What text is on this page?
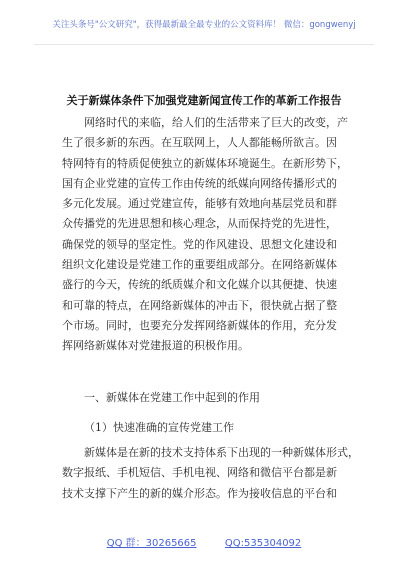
关注头条号"公文研究"，获得最新最全最专业的公文资料库！ 微信：gongwenyj
关于新媒体条件下加强党建新闻宣传工作的革新工作报告
网络时代的来临，给人们的生活带来了巨大的改变，产
生了很多新的东西。在互联网上，人人都能畅所欲言。因
特网特有的特质促使独立的新媒体环境诞生。在新形势下，
国有企业党建的宣传工作由传统的纸媒向网络传播形式的
多元化发展。通过党建宣传，能够有效地向基层党员和群
众传播党的先进思想和核心理念，从而保持党的先进性，
确保党的领导的坚定性。党的作风建设、思想文化建设和
组织文化建设是党建工作的重要组成部分。在网络新媒体
盛行的今天，传统的纸质媒介和文化媒介以其便捷、快速
和可靠的特点，在网络新媒体的冲击下，很快就占据了整
个市场。同时，也要充分发挥网络新媒体的作用，充分发
挥网络新媒体对党建报道的积极作用。
一、新媒体在党建工作中起到的作用
（1）快速准确的宣传党建工作
新媒体是在新的技术支持体系下出现的一种新媒体形式，
数字报纸、手机短信、手机电视、网络和微信平台都是新
技术支撑下产生的新的媒介形态。作为接收信息的平台和
QQ 群：30265665	QQ:535304092
